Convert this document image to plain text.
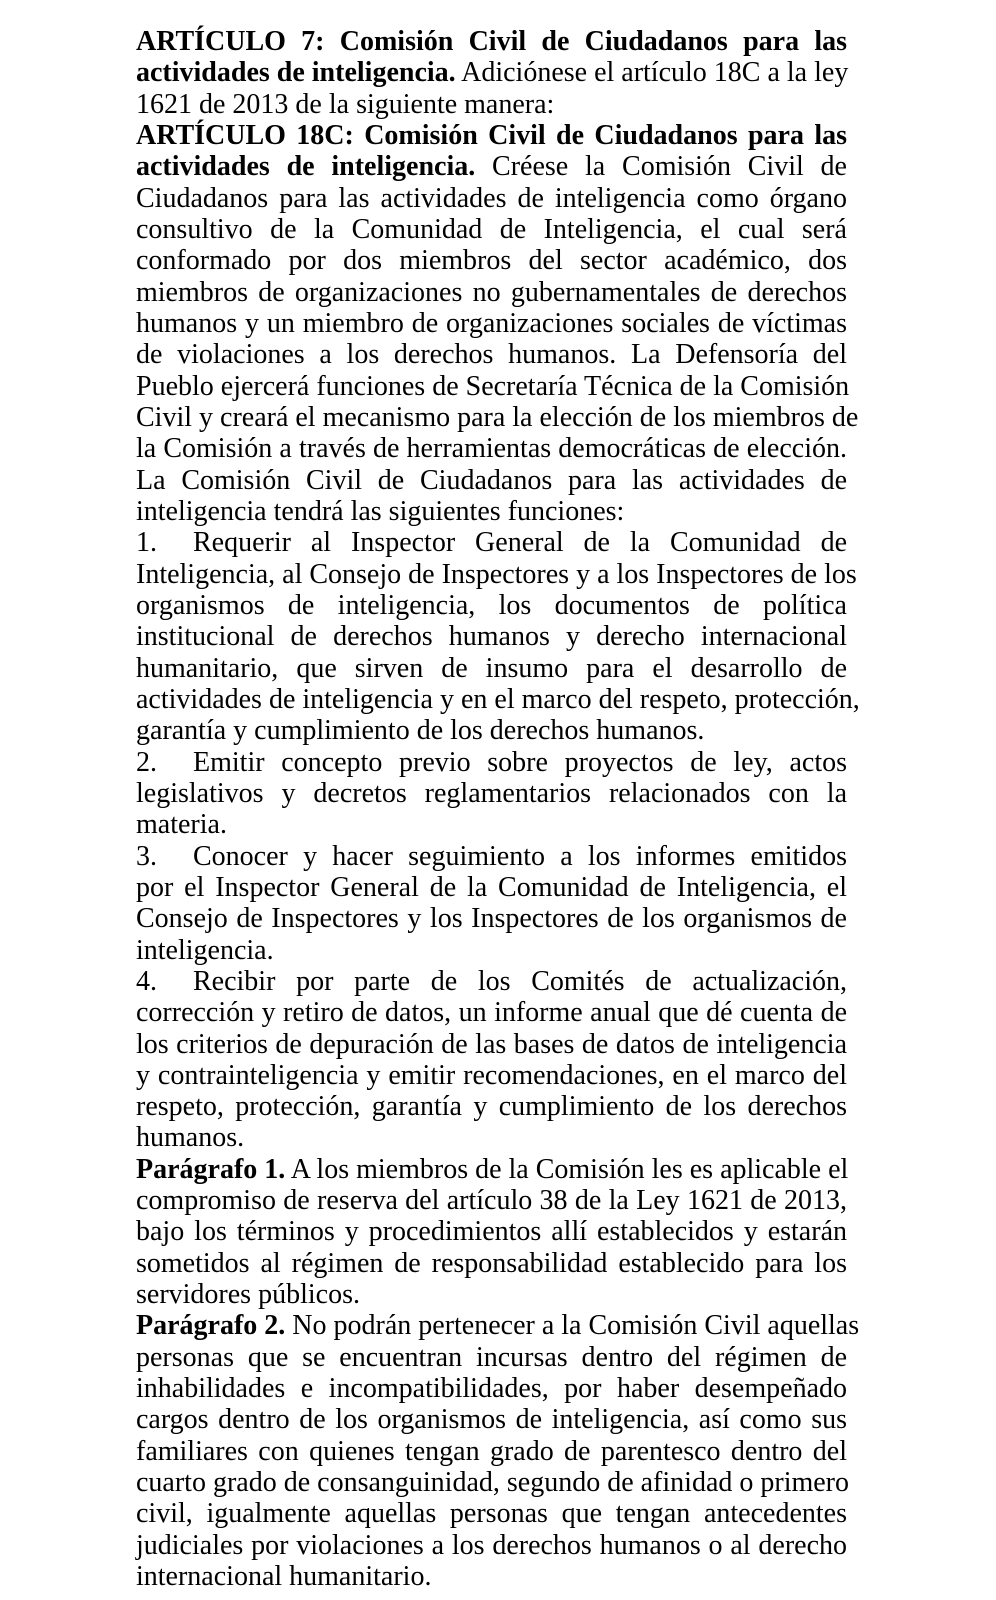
ARTÍCULO 7: Comisión Civil de Ciudadanos para las
actividades de inteligencia. Adiciónese el artículo 18C a la ley
1621 de 2013 de la siguiente manera:
ARTÍCULO 18C: Comisión Civil de Ciudadanos para las
actividades de inteligencia. Créese la Comisión Civil de
Ciudadanos para las actividades de inteligencia como órgano
consultivo de la Comunidad de Inteligencia, el cual será
conformado por dos miembros del sector académico, dos
miembros de organizaciones no gubernamentales de derechos
humanos y un miembro de organizaciones sociales de víctimas
de violaciones a los derechos humanos. La Defensoría del
Pueblo ejercerá funciones de Secretaría Técnica de la Comisión
Civil y creará el mecanismo para la elección de los miembros de
la Comisión a través de herramientas democráticas de elección.
La Comisión Civil de Ciudadanos para las actividades de
inteligencia tendrá las siguientes funciones:
1. Requerir al Inspector General de la Comunidad de
Inteligencia, al Consejo de Inspectores y a los Inspectores de los
organismos de inteligencia, los documentos de política
institucional de derechos humanos y derecho internacional
humanitario, que sirven de insumo para el desarrollo de
actividades de inteligencia y en el marco del respeto, protección,
garantía y cumplimiento de los derechos humanos.
2. Emitir concepto previo sobre proyectos de ley, actos
legislativos y decretos reglamentarios relacionados con la
materia.
3. Conocer y hacer seguimiento a los informes emitidos
por el Inspector General de la Comunidad de Inteligencia, el
Consejo de Inspectores y los Inspectores de los organismos de
inteligencia.
4. Recibir por parte de los Comités de actualización,
corrección y retiro de datos, un informe anual que dé cuenta de
los criterios de depuración de las bases de datos de inteligencia
y contrainteligencia y emitir recomendaciones, en el marco del
respeto, protección, garantía y cumplimiento de los derechos
humanos.
Parágrafo 1. A los miembros de la Comisión les es aplicable el
compromiso de reserva del artículo 38 de la Ley 1621 de 2013,
bajo los términos y procedimientos allí establecidos y estarán
sometidos al régimen de responsabilidad establecido para los
servidores públicos.
Parágrafo 2. No podrán pertenecer a la Comisión Civil aquellas
personas que se encuentran incursas dentro del régimen de
inhabilidades e incompatibilidades, por haber desempeñado
cargos dentro de los organismos de inteligencia, así como sus
familiares con quienes tengan grado de parentesco dentro del
cuarto grado de consanguinidad, segundo de afinidad o primero
civil, igualmente aquellas personas que tengan antecedentes
judiciales por violaciones a los derechos humanos o al derecho
internacional humanitario.
